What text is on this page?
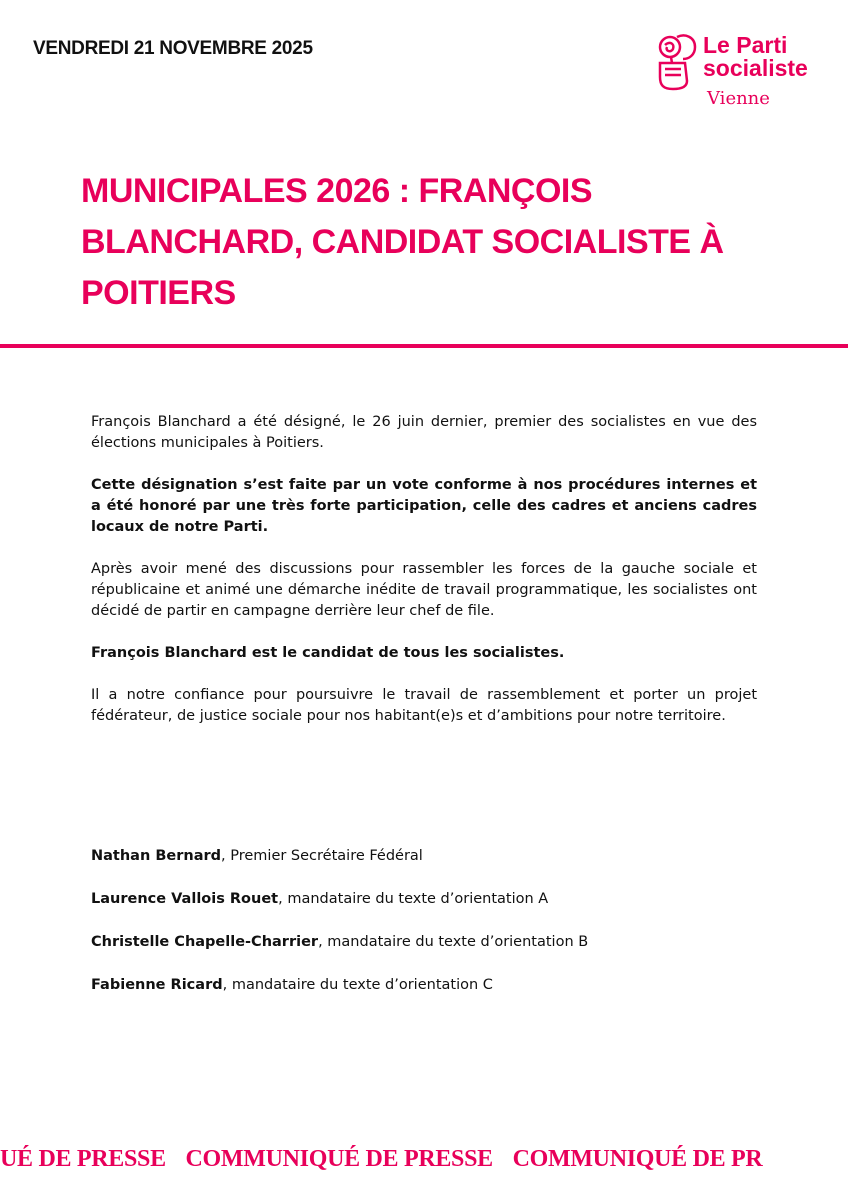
VENDREDI 21 NOVEMBRE 2025	Le Parti
socialiste
Vienne
MUNICIPALES 2026 : FRANÇOIS
BLANCHARD, CANDIDAT SOCIALISTE À
POITIERS

François Blanchard a été désigné, le 26 juin dernier, premier des socialistes en vue des élections municipales à Poitiers.

Cette désignation s’est faite par un vote conforme à nos procédures internes et a été honoré par une très forte participation, celle des cadres et anciens cadres locaux de notre Parti.

Après avoir mené des discussions pour rassembler les forces de la gauche sociale et républicaine et animé une démarche inédite de travail programmatique, les socialistes ont décidé de partir en campagne derrière leur chef de file.

François Blanchard est le candidat de tous les socialistes.

Il a notre confiance pour poursuivre le travail de rassemblement et porter un projet fédérateur, de justice sociale pour nos habitant(e)s et d’ambitions pour notre territoire.

Nathan Bernard, Premier Secrétaire Fédéral

Laurence Vallois Rouet, mandataire du texte d’orientation A

Christelle Chapelle-Charrier, mandataire du texte d’orientation B

Fabienne Ricard, mandataire du texte d’orientation C

UÉ DE PRESSE COMMUNIQUÉ DE PRESSE COMMUNIQUÉ DE PR
